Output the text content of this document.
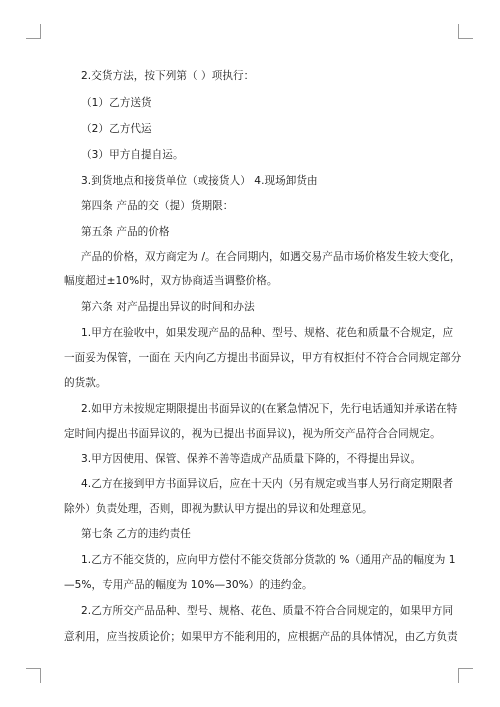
2.交货方法，按下列第（ ）项执行：
（1）乙方送货
（2）乙方代运
（3）甲方自提自运。
3.到货地点和接货单位（或接货人） 4.现场卸货由
第四条 产品的交（提）货期限：
第五条 产品的价格
产品的价格，双方商定为 /。在合同期内，如遇交易产品市场价格发生较大变化，
幅度超过±10%时，双方协商适当调整价格。
第六条 对产品提出异议的时间和办法
1.甲方在验收中，如果发现产品的品种、型号、规格、花色和质量不合规定，应
一面妥为保管，一面在 天内向乙方提出书面异议，甲方有权拒付不符合合同规定部分
的货款。
2.如甲方未按规定期限提出书面异议的(在紧急情况下，先行电话通知并承诺在特
定时间内提出书面异议的，视为已提出书面异议)，视为所交产品符合合同规定。
3.甲方因使用、保管、保养不善等造成产品质量下降的，不得提出异议。
4.乙方在接到甲方书面异议后，应在十天内（另有规定或当事人另行商定期限者
除外）负责处理，否则，即视为默认甲方提出的异议和处理意见。
第七条 乙方的违约责任
1.乙方不能交货的，应向甲方偿付不能交货部分货款的 %（通用产品的幅度为 1
—5%，专用产品的幅度为 10%—30%）的违约金。
2.乙方所交产品品种、型号、规格、花色、质量不符合合同规定的，如果甲方同
意利用，应当按质论价；如果甲方不能利用的，应根据产品的具体情况，由乙方负责
